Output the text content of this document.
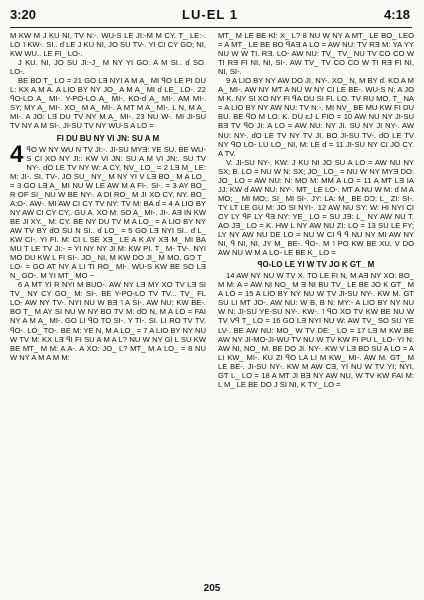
3:20	LU-EL 1	4:18

M KW M J KU NI, TV N:-. WU-S LE JI:-M M CY. T_ LE:-. LO ˥ KW-. SI.. ɗ LE J KU NI, JO SU TV-. YI CI CY GO; NI, KW WU.. LE FI_ LO-.

J KU. NI, JO SU JI:-J_ M NY YI GO: A M SI.. ɗ SO. LO-.

BE BO T_ LO = 21 GO LƎ NYI A M A_ MI ꟼO LE PI DU L: KX A M A. A LIO BY NY JO_ A M A_ MI ɗ LE_ LO-. 22 ꟼO-LO A_ MI-. Y-PO-LO A_ MI-. KO-ɗ A_ MI-. AM MI-. SY; MY A_ MI-. XO_ M A_ MI-. A MT M A_ MI-. L N, M A_ MI-. A JO: LƎ DU TV NY M A_ MI-. 23 NU W-. MI JI-SU TV NY A M SI-. JI-SU TV NY WU-S A LO =

FI DU BU NY VI JN: SU A M
4 ꟼO W NY WU N TV JI:-. JI-SU MYƎ: YE SU. BE WU-S CI XO NY JI:: KW VI JN: SU A M VI JN:. SU TV NY-. ɗO LE TV NY W: A CY, NV_ LO_ = 2 LƎ M_ LE: M: JI-. SI, TV-. JO SU_ NY_ M NY YI V LƎ BO_ M A LO_ = 3 GO LƎ A_ MI NU W LE AW M A FI-. SI-. = 3 AY BO_ R OF SI_ NU W BE NY-. A DI RO_ M JI XO CY, NY. BO_ A:O-. AW-. MI AW CI CY TV NY: TV M: BA ɗ = 4 A LIO BY NY AW CI CY CY,. GU A. XO M: SO A_ MI-. JI-. AƎ IN KW BE JI XY._ M: CY. BE NY DU TV M A LO_ = A LIO BY NY AW TV BY ɗO SU N SI.. ɗ LO_ = 5 GO LƎ NYI SI.. ɗ L_ KW CI-. YI FI. M: CI L SE XƎ_ LE A K AY XƎ M_ MI BA MU T LE TV JI:- = YI NY NY JI M: KW PI. T_ M- TV-. NYI MO DU KW L FI SI-. JO_ NI, M KW DO JI_ M MO. GƆ T_ LO- = GO AT NY A LI TI RO_ MI-. WU-S KW BE SO LƎ N_ GO-. M YI MT_ MO ~

6 A MT YI R NYI M BUO-. AW NY LƎ MY XO TV LƎ SI TV_ NY CY GO_ M: SI-. BE Y-PO-LO TV TV... TV_ FL LO- AW NY TV-. NYI NU W BƎ ˥ A SI-. AW NU: KW BE-. BO T_ M AY SI NU W NY BO TV M: ɗO N, M A LO = FAI NY A M A_ MI-. GO LI ꟼO TO SI-. Y TI-. SI. LI RO TV TV. ꟼO-. LO_ TO-. BE M: YE N, M A LO_ = 7 A LIO BY NY NU W TV M: KX LƎ ꟼI FI SU A M A L? NU W NY GƖ L SU KW BE MƬ_ M M: A A-. A XO: JO_ L? MƬ_ M A LO_ = 8 NU W NY A M A M M:

MƬ_ M LE BE KƖ: X_ L? 8 NU W NY A MƬ_ LE BO_ LEO = A MƬ_ LE BE BO ꟼAƎ A LO = AW NU: TV RƎ M: YA YY NU W W TI. RƎ. LO- AW NU: TV_ TV_ NU TV CO CO W TI RƎ FI NI, NI, SI-. AW TV_ TV CO CO W TI RƎ FI NI, NI, SI-.

9 A LIO BY NY AW DO JI. NY-. XO_ N, M BY ɗ. KO A M A_ MI-. AW NY MƬ A NU W NY CI LE BE-. WU-S N: A JO M K. NY SI XO NY FI ꟼA DU SI FI. LO. TV RU MO. T_ NA = A LIO BY NY AW NU: TV N:-. MI NV_ BE MU KW FI DU BU. BE ꟼO M LO. K. DU ɛJ L FIO = 10 AW NU NY JI-SU BƎ TV ꟼO JI: A LO = AW NU: NY JI. SU NY JI NY-. AW NU: NY-. ɗO LE TV NY TV JI. BO JI-SU TV-. ɗO LE TV NY ꟼO LO- LU LO_ NI, M: LE ɗ = 11 JI-SU NY CI JO CY. A TV.

V: JI-SU NY-. KW: J KU NI JO SU A LO = AW NU NY SX; B. LO = NU W N: SX; JO_ LO_ = NU W NY MYƎ DO: JO_ LO = AW NU: N: MO M: MM A LO = 11 A MƬ LƎ IA JJ: KW ɗ AW NU: NY-. MƬ_ LE LO-. MƬ A NU W M: ɗ M A MO; _ MI MO;. SI_ MI SI-. JY: LA: M_ BE DƆ: L_ ZI: SI-. TY LT LE GU M: JO SI NYI-. 12 AW NU SY: W: HI NYI CI CY LY ꟼF LY ꟼƎ NY: YE_ LO = SU JƎ: L_ NY AW NU T. AO JƎ_ LO = K. HW L NY AW NU ZI: LO = 13 SU LE FY; LY NY AW NU DE LO = NU W CI ꟼ ꟼ NU NY MI AW NY NI, ꟼ NI, NI, JY M_ BE-. ꟼO-. M ˥ PO KW BE XU, V DO AW NU W M A LO- LE BE K_ LO =

ꟼO-LO LE YI W TV JO K GƬ_ M

14 AW NY NU W TV X. TO LE FI N, M AƎ NY XO: BO_ M M: A = AW NI NO_ M Ǝ NI BU TV_ LE BE JO K GƬ_ M A LO = 15 A LIO BY NY NU W TV JI-SU NY-. KW M. GƬ SU LI MƬ JO-. AW NU: W B, B N: MY:- A LIO BY NY NU W N: JI-SU YE-SU NY-. KW-. ˥ ꟼO XO TV KW BE NU W TV Vꟼ T_ LO = 16 GO LƎ NYI NU W: AW TV_ SO SU YE LV-. BE AW NU: MO_ W TV DE:_ LO = 17 LƎ M KW BE AW NY JI-MO-JI-WU TV NU W TV KW FI PU L_LO- YI N: AW NI, NO_ M. BE DO JI. NY-. KW V LƎ BO SU A LO = A LI KW_ MI-. KU ZI ꟼO LA LI M KW_ MI-. AW M. GƬ_ M LE BE-. JI-SU NY-. KW M AW CƎ, YI NU W TV YI; NYI, GƬ L_ LO = 18 A MƬ JI BƎ NY AW NU, W TV KW FAI M: L M_ LE BE DO J SI NI, K TY_ LO =

205
